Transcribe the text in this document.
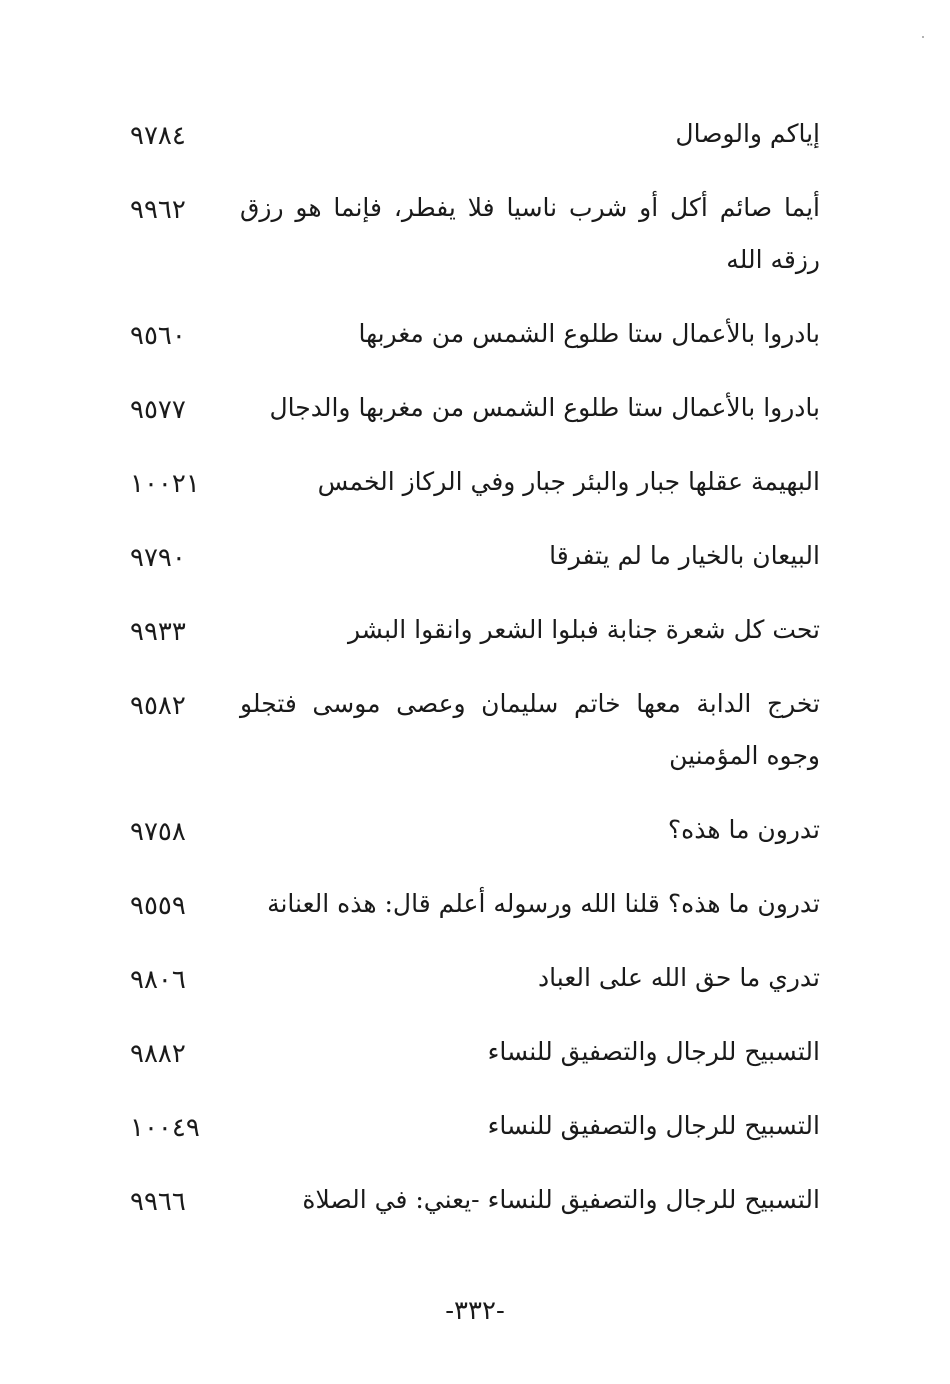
٩٧٨٤	إياكم والوصال
٩٩٦٢	أيما صائم أكل أو شرب ناسيا فلا يفطر، فإنما هو رزق رزقه الله
٩٥٦٠	بادروا بالأعمال ستا طلوع الشمس من مغربها
٩٥٧٧	بادروا بالأعمال ستا طلوع الشمس من مغربها والدجال
١٠٠٢١	البهيمة عقلها جبار والبئر جبار وفي الركاز الخمس
٩٧٩٠	البيعان بالخيار ما لم يتفرقا
٩٩٣٣	تحت كل شعرة جنابة فبلوا الشعر وانقوا البشر
٩٥٨٢	تخرج الدابة معها خاتم سليمان وعصى موسى فتجلو وجوه المؤمنين
٩٧٥٨	تدرون ما هذه؟
٩٥٥٩	تدرون ما هذه؟ قلنا الله ورسوله أعلم قال: هذه العنانة
٩٨٠٦	تدري ما حق الله على العباد
٩٨٨٢	التسبيح للرجال والتصفيق للنساء
١٠٠٤٩	التسبيح للرجال والتصفيق للنساء
٩٩٦٦	التسبيح للرجال والتصفيق للنساء -يعني: في الصلاة
-٣٣٢-
